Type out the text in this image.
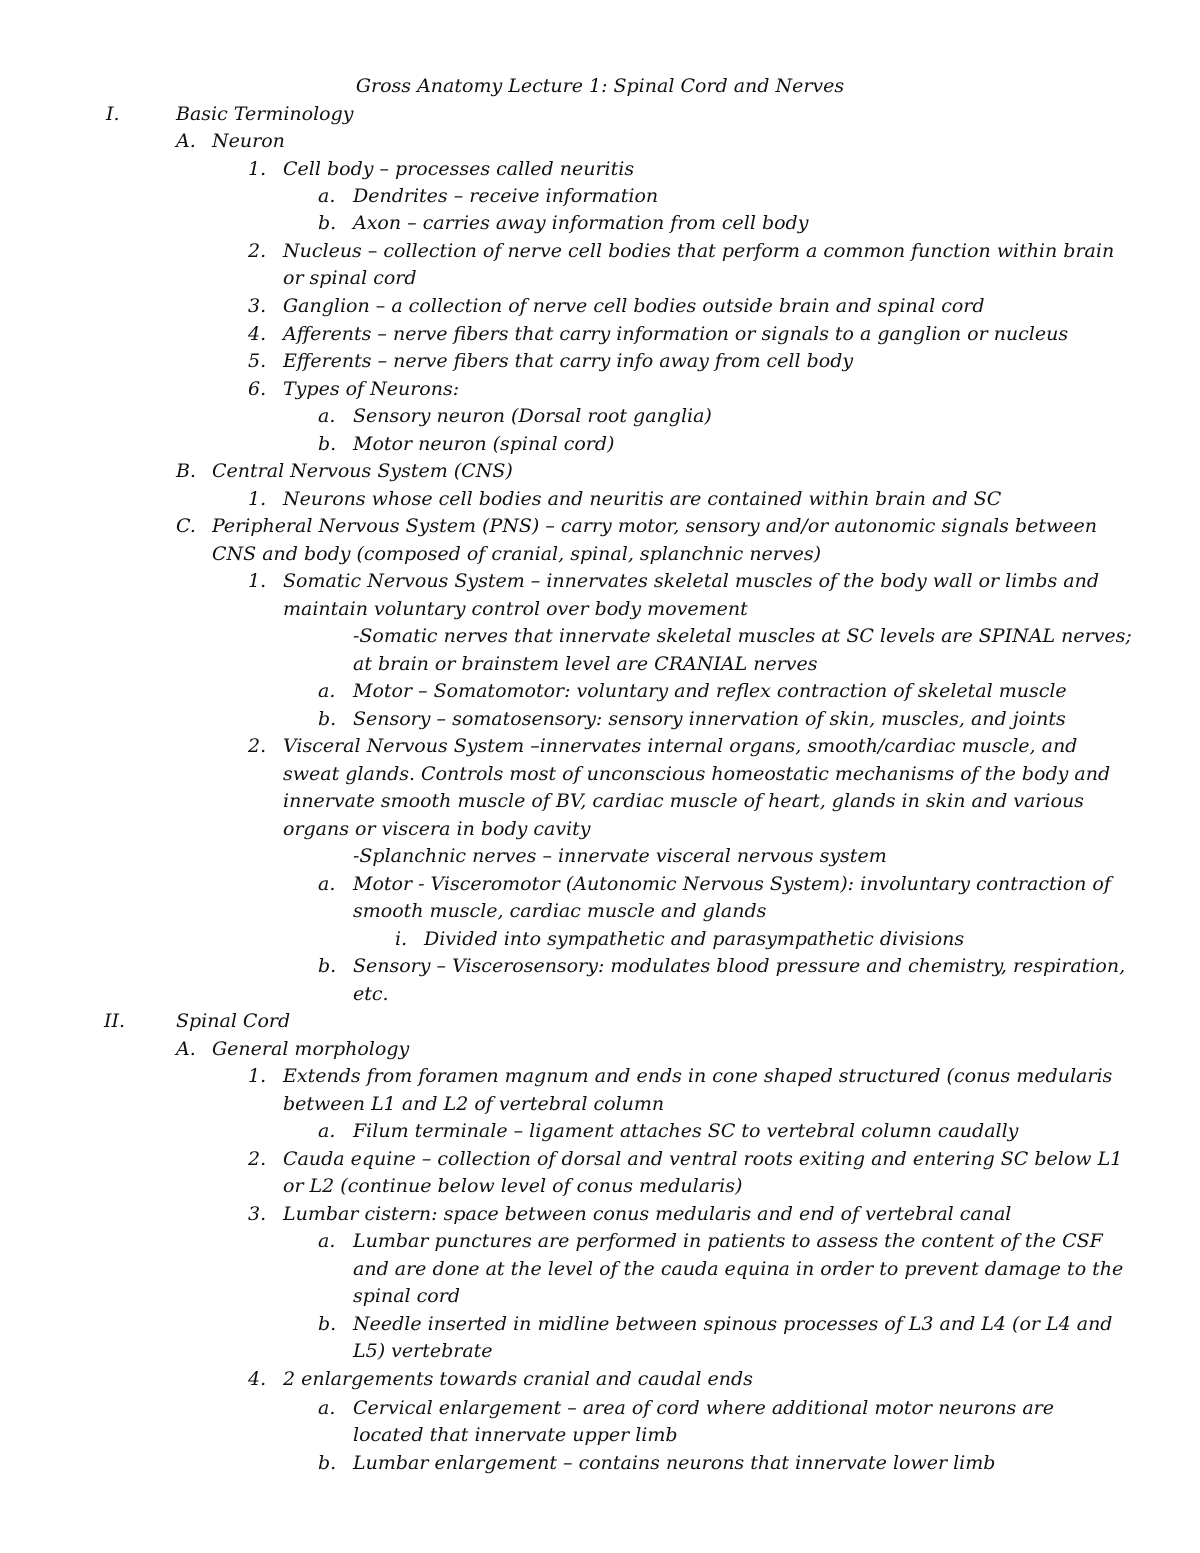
Gross Anatomy Lecture 1: Spinal Cord and Nerves
I.	Basic Terminology
A. Neuron
1. Cell body – processes called neuritis
a. Dendrites – receive information
b. Axon – carries away information from cell body
2. Nucleus – collection of nerve cell bodies that perform a common function within brain
or spinal cord
3. Ganglion – a collection of nerve cell bodies outside brain and spinal cord
4. Afferents – nerve fibers that carry information or signals to a ganglion or nucleus
5. Efferents – nerve fibers that carry info away from cell body
6. Types of Neurons:
a. Sensory neuron (Dorsal root ganglia)
b. Motor neuron (spinal cord)
B. Central Nervous System (CNS)
1. Neurons whose cell bodies and neuritis are contained within brain and SC
C. Peripheral Nervous System (PNS) – carry motor, sensory and/or autonomic signals between
CNS and body (composed of cranial, spinal, splanchnic nerves)
1. Somatic Nervous System – innervates skeletal muscles of the body wall or limbs and
maintain voluntary control over body movement
-Somatic nerves that innervate skeletal muscles at SC levels are SPINAL nerves;
at brain or brainstem level are CRANIAL nerves
a. Motor – Somatomotor: voluntary and reflex contraction of skeletal muscle
b. Sensory – somatosensory: sensory innervation of skin, muscles, and joints
2. Visceral Nervous System –innervates internal organs, smooth/cardiac muscle, and
sweat glands. Controls most of unconscious homeostatic mechanisms of the body and
innervate smooth muscle of BV, cardiac muscle of heart, glands in skin and various
organs or viscera in body cavity
-Splanchnic nerves – innervate visceral nervous system
a. Motor - Visceromotor (Autonomic Nervous System): involuntary contraction of
smooth muscle, cardiac muscle and glands
i. Divided into sympathetic and parasympathetic divisions
b. Sensory – Viscerosensory: modulates blood pressure and chemistry, respiration,
etc.
II.	Spinal Cord
A. General morphology
1. Extends from foramen magnum and ends in cone shaped structured (conus medularis
between L1 and L2 of vertebral column
a. Filum terminale – ligament attaches SC to vertebral column caudally
2. Cauda equine – collection of dorsal and ventral roots exiting and entering SC below L1
or L2 (continue below level of conus medularis)
3. Lumbar cistern: space between conus medularis and end of vertebral canal
a. Lumbar punctures are performed in patients to assess the content of the CSF
and are done at the level of the cauda equina in order to prevent damage to the
spinal cord
b. Needle inserted in midline between spinous processes of L3 and L4 (or L4 and
L5) vertebrate
4. 2 enlargements towards cranial and caudal ends
a. Cervical enlargement – area of cord where additional motor neurons are
located that innervate upper limb
b. Lumbar enlargement – contains neurons that innervate lower limb
